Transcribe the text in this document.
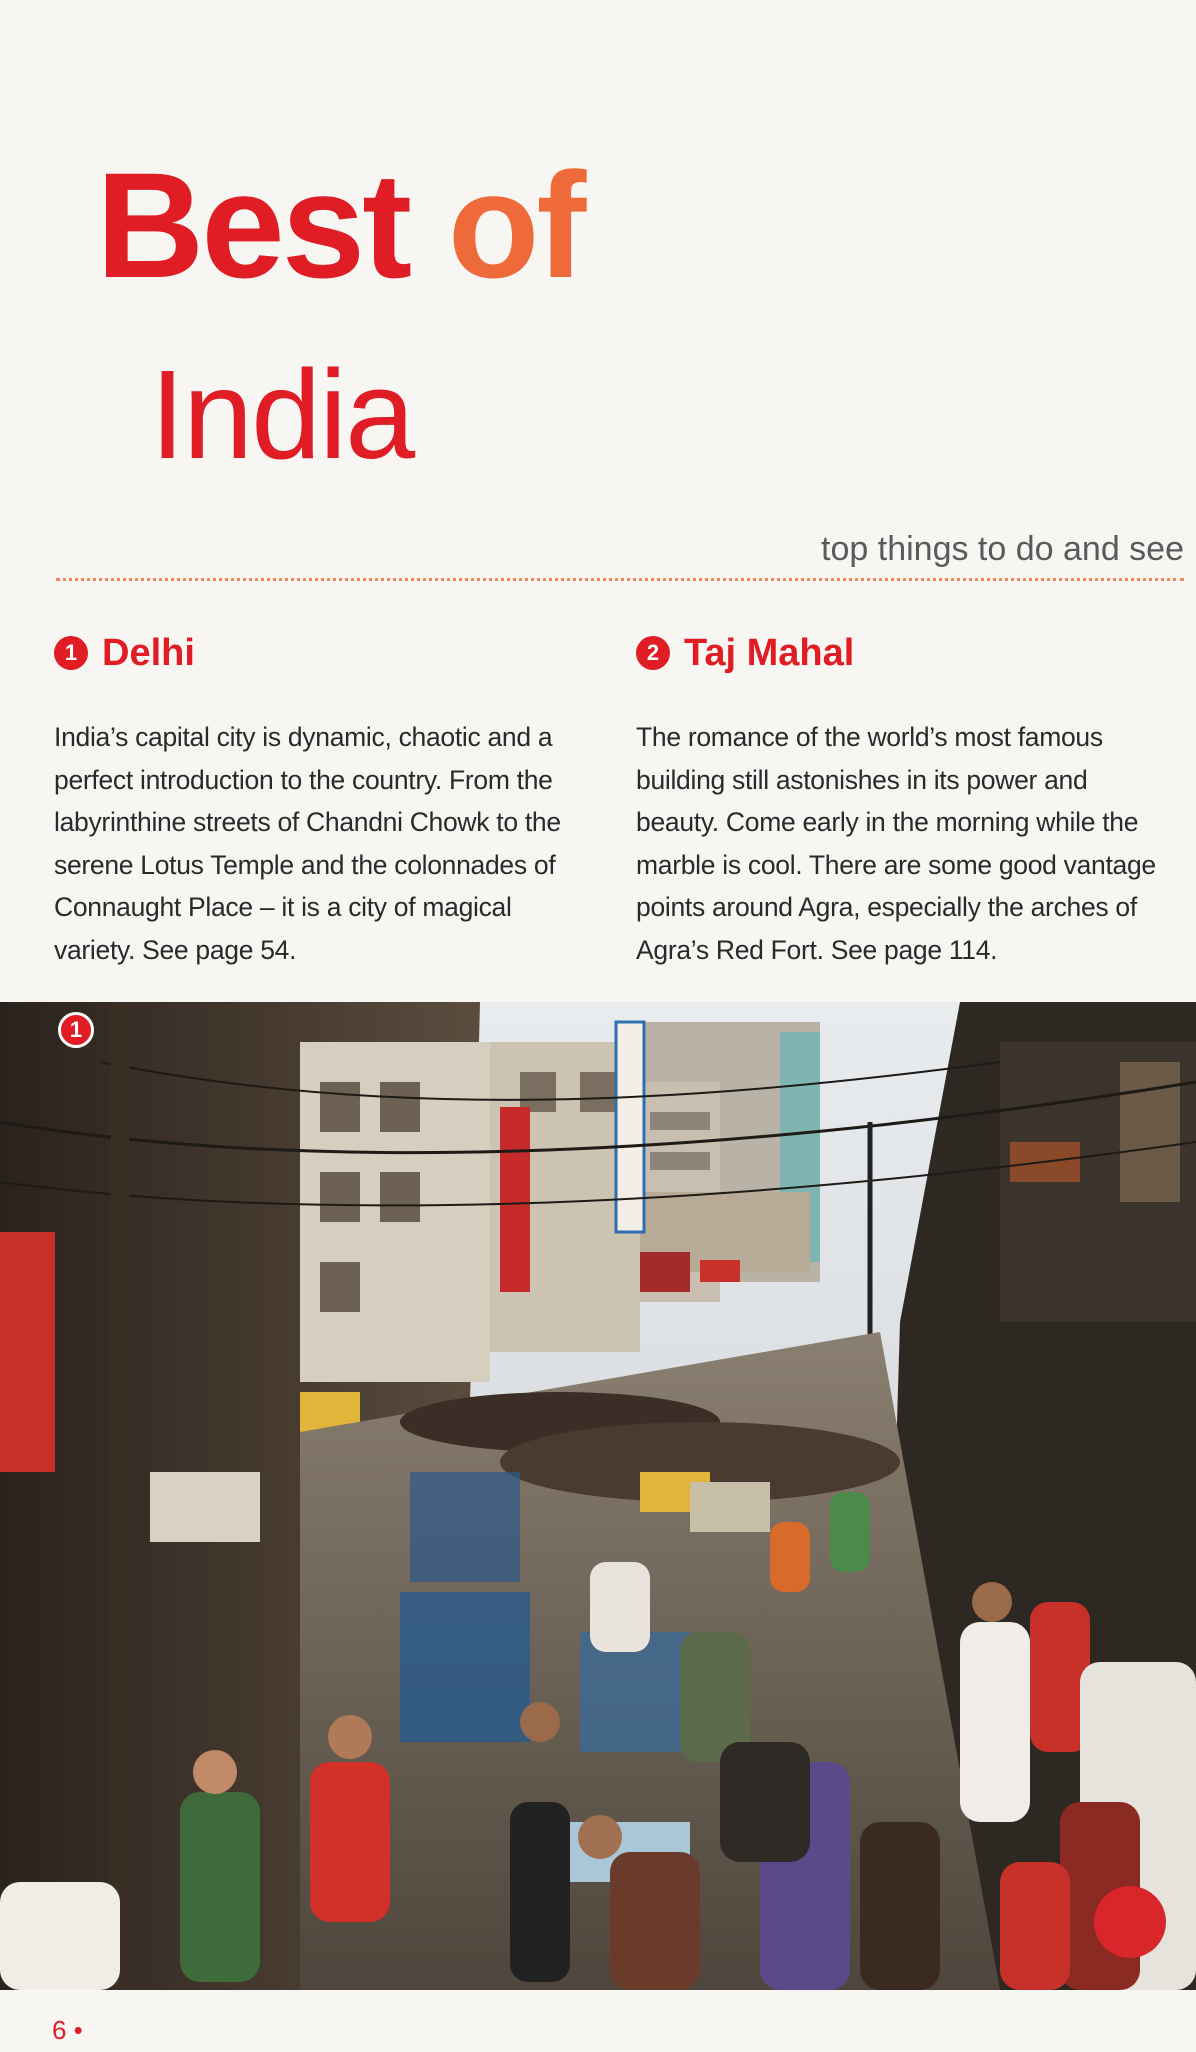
Best of
India
top things to do and see
1 Delhi
India’s capital city is dynamic, chaotic and a perfect introduction to the country. From the labyrinthine streets of Chandni Chowk to the serene Lotus Temple and the colonnades of Connaught Place – it is a city of magical variety. See page 54.
2 Taj Mahal
The romance of the world’s most famous building still astonishes in its power and beauty. Come early in the morning while the marble is cool. There are some good vantage points around Agra, especially the arches of Agra’s Red Fort. See page 114.
1
6 •
